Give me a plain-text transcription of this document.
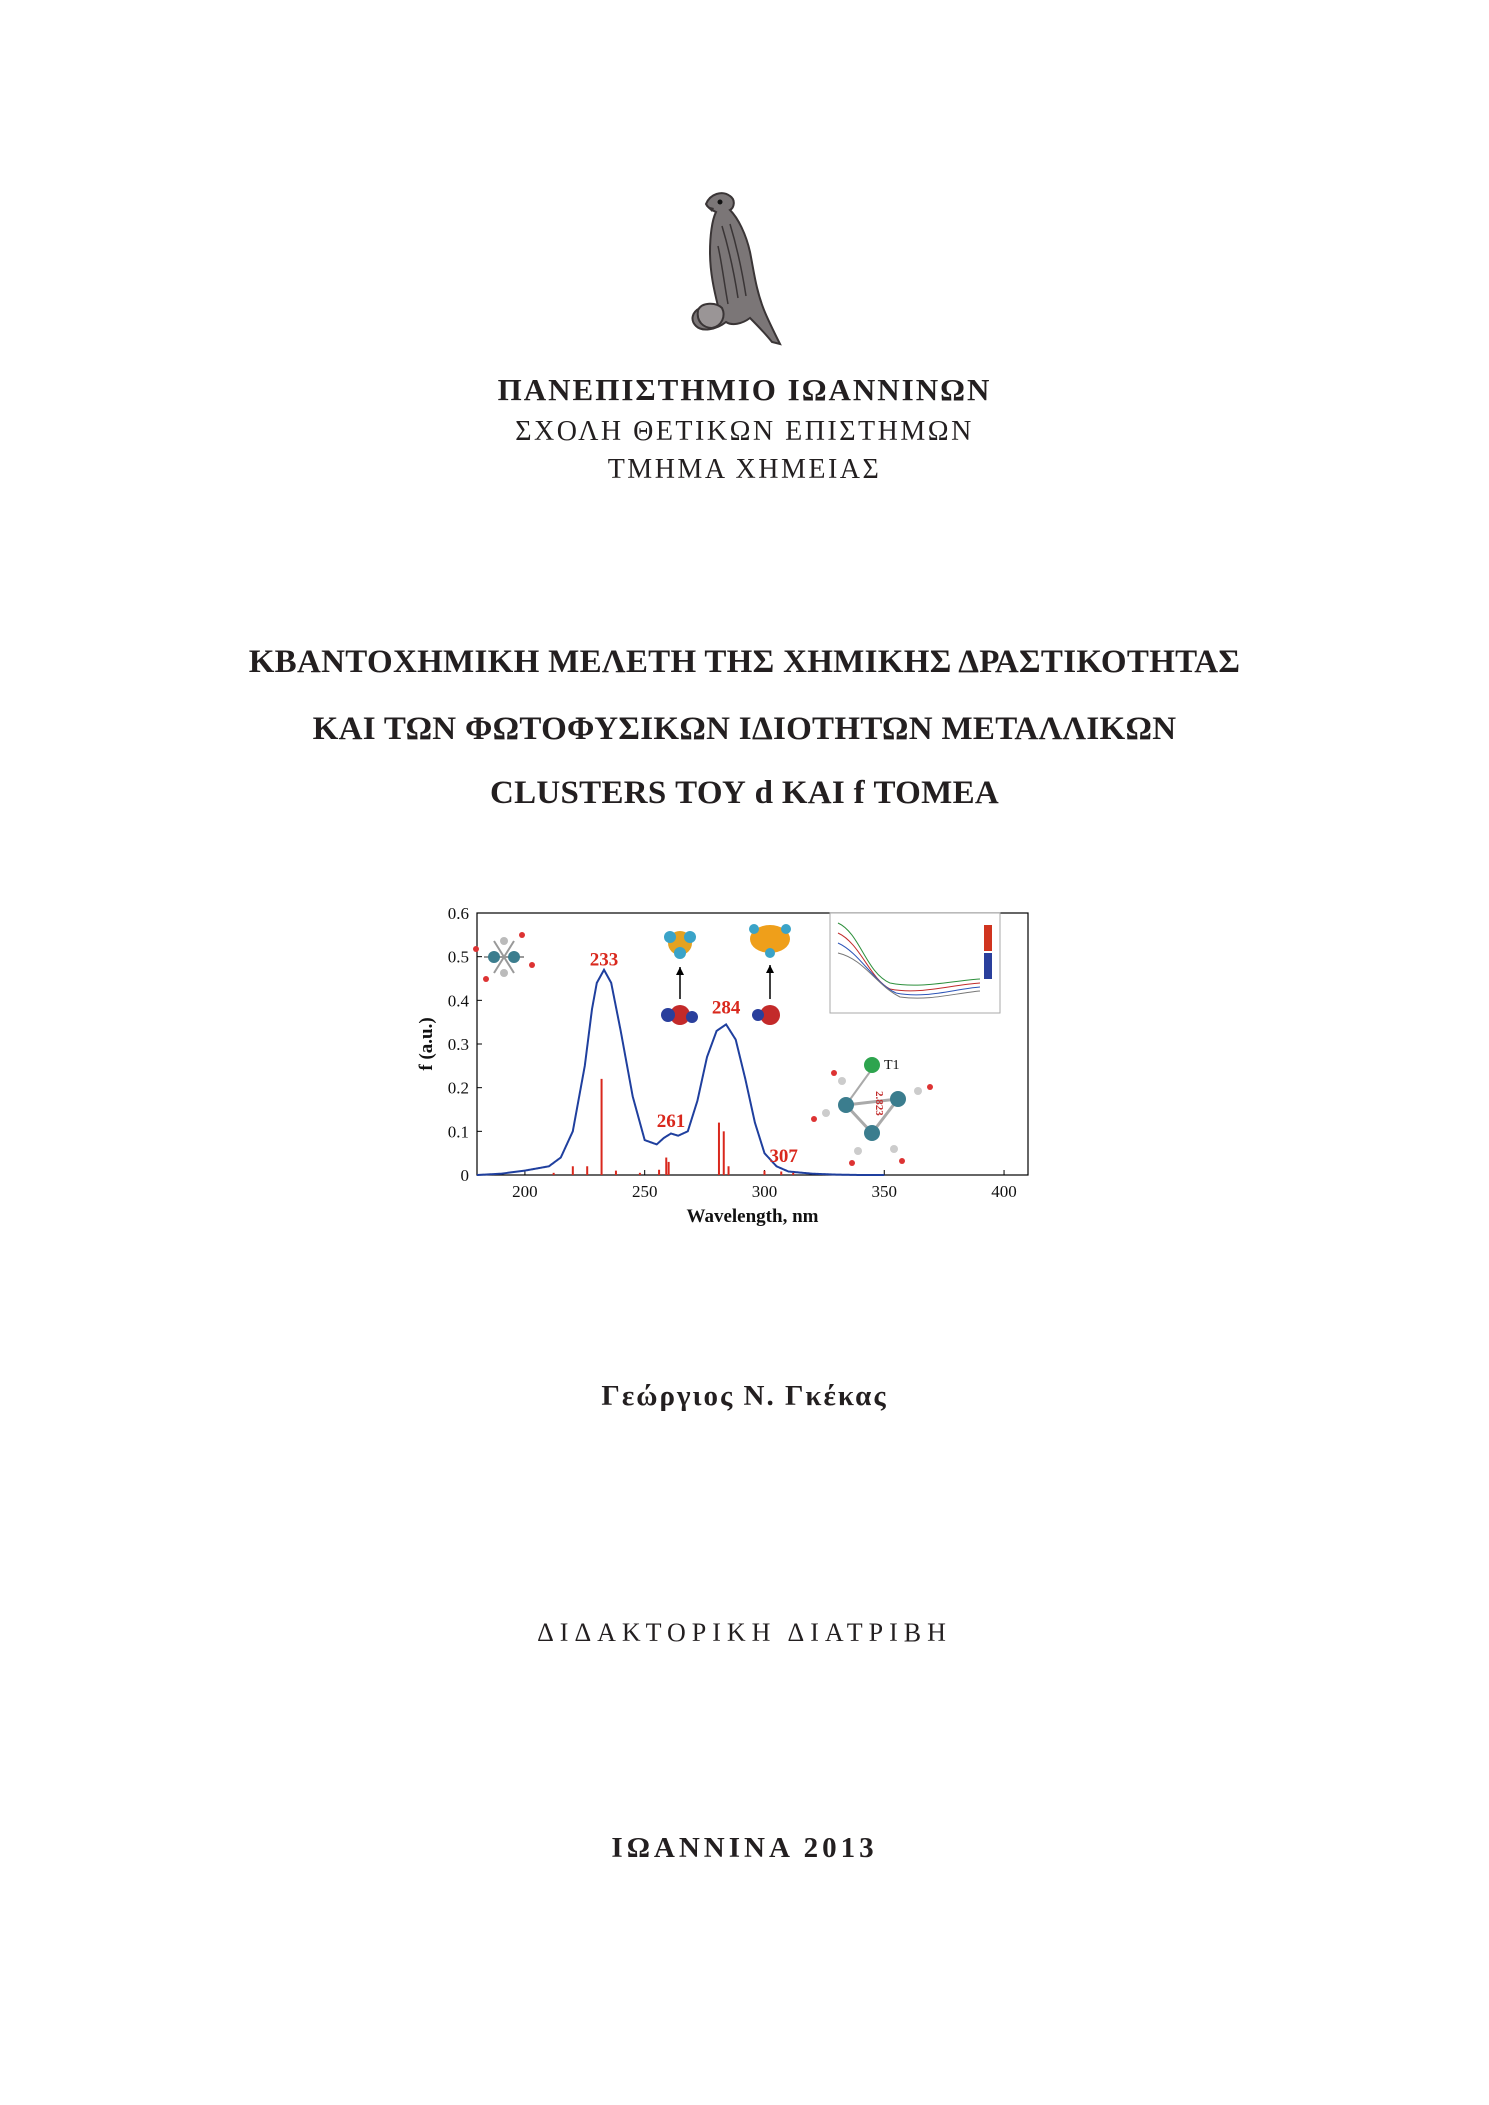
ΠΑΝΕΠΙΣΤΗΜΙΟ ΙΩΑΝΝΙΝΩΝ
ΣΧΟΛΗ ΘΕΤΙΚΩΝ ΕΠΙΣΤΗΜΩΝ
ΤΜΗΜΑ ΧΗΜΕΙΑΣ
ΚΒΑΝΤΟΧΗΜΙΚΗ ΜΕΛΕΤΗ ΤΗΣ ΧΗΜΙΚΗΣ ΔΡΑΣΤΙΚΟΤΗΤΑΣ
ΚΑΙ ΤΩΝ ΦΩΤΟΦΥΣΙΚΩΝ ΙΔΙΟΤΗΤΩΝ ΜΕΤΑΛΛΙΚΩΝ
CLUSTERS ΤΟΥ d ΚΑΙ f ΤΟΜΕΑ
200	250	300	350	400
0
0.1
0.2
0.3
0.4
0.5
0.6
Wavelength, nm
f (a.u.)
233
261
284
307
T1
2.823
Γεώργιος Ν. Γκέκας
ΔΙΔΑΚΤΟΡΙΚΗ ΔΙΑΤΡΙΒΗ
ΙΩΑΝΝΙΝΑ 2013
